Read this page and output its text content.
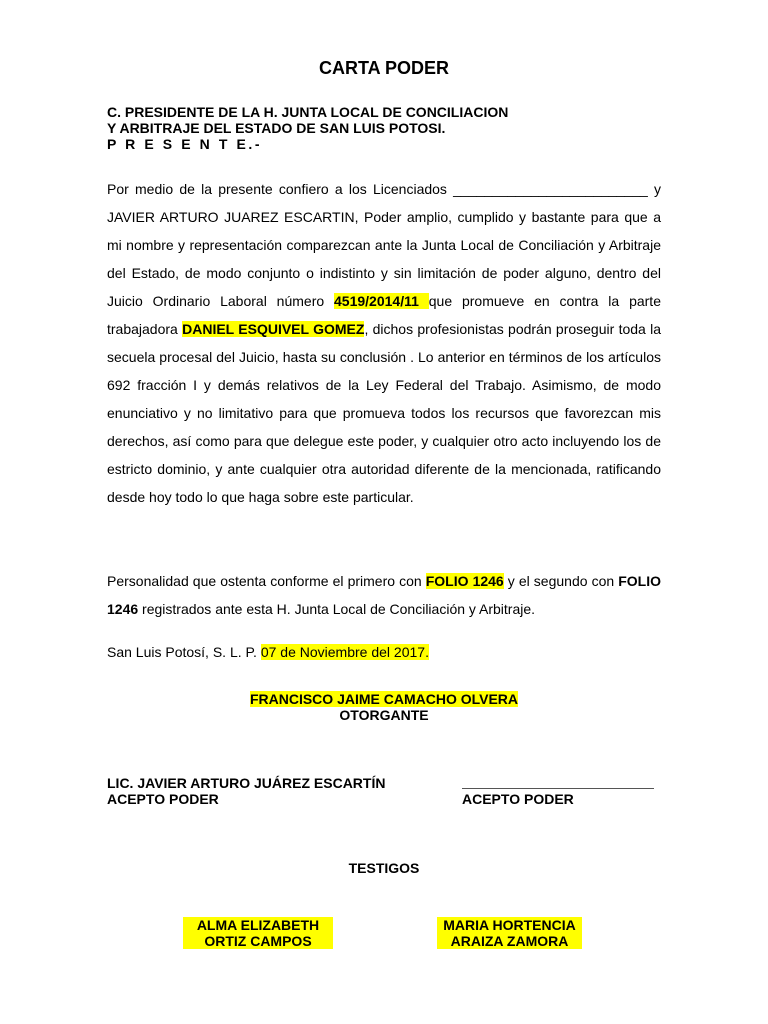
CARTA PODER
C. PRESIDENTE DE LA H. JUNTA LOCAL DE CONCILIACION
Y ARBITRAJE DEL ESTADO DE SAN LUIS POTOSI.
P R E S E N T E.-
Por medio de la presente confiero a los Licenciados _________________________ y JAVIER ARTURO JUAREZ ESCARTIN, Poder amplio, cumplido y bastante para que a mi nombre y representación comparezcan ante la Junta Local de Conciliación y Arbitraje del Estado, de modo conjunto o indistinto y sin limitación de poder alguno, dentro del Juicio Ordinario Laboral número 4519/2014/11 que promueve en contra la parte trabajadora DANIEL ESQUIVEL GOMEZ, dichos profesionistas podrán proseguir toda la secuela procesal del Juicio, hasta su conclusión . Lo anterior en términos de los artículos 692 fracción I y demás relativos de la Ley Federal del Trabajo. Asimismo, de modo enunciativo y no limitativo para que promueva todos los recursos que favorezcan mis derechos, así como para que delegue este poder, y cualquier otro acto incluyendo los de estricto dominio, y ante cualquier otra autoridad diferente de la mencionada, ratificando desde hoy todo lo que haga sobre este particular.
Personalidad que ostenta conforme el primero con FOLIO 1246 y el segundo con FOLIO 1246 registrados ante esta H. Junta Local de Conciliación y Arbitraje.
San Luis Potosí, S. L. P. 07 de Noviembre del 2017.
FRANCISCO JAIME CAMACHO OLVERA
OTORGANTE
LIC. JAVIER ARTURO JUÁREZ ESCARTÍN
ACEPTO PODER	ACEPTO PODER
TESTIGOS
ALMA ELIZABETH
ORTIZ CAMPOS
MARIA HORTENCIA
ARAIZA ZAMORA
